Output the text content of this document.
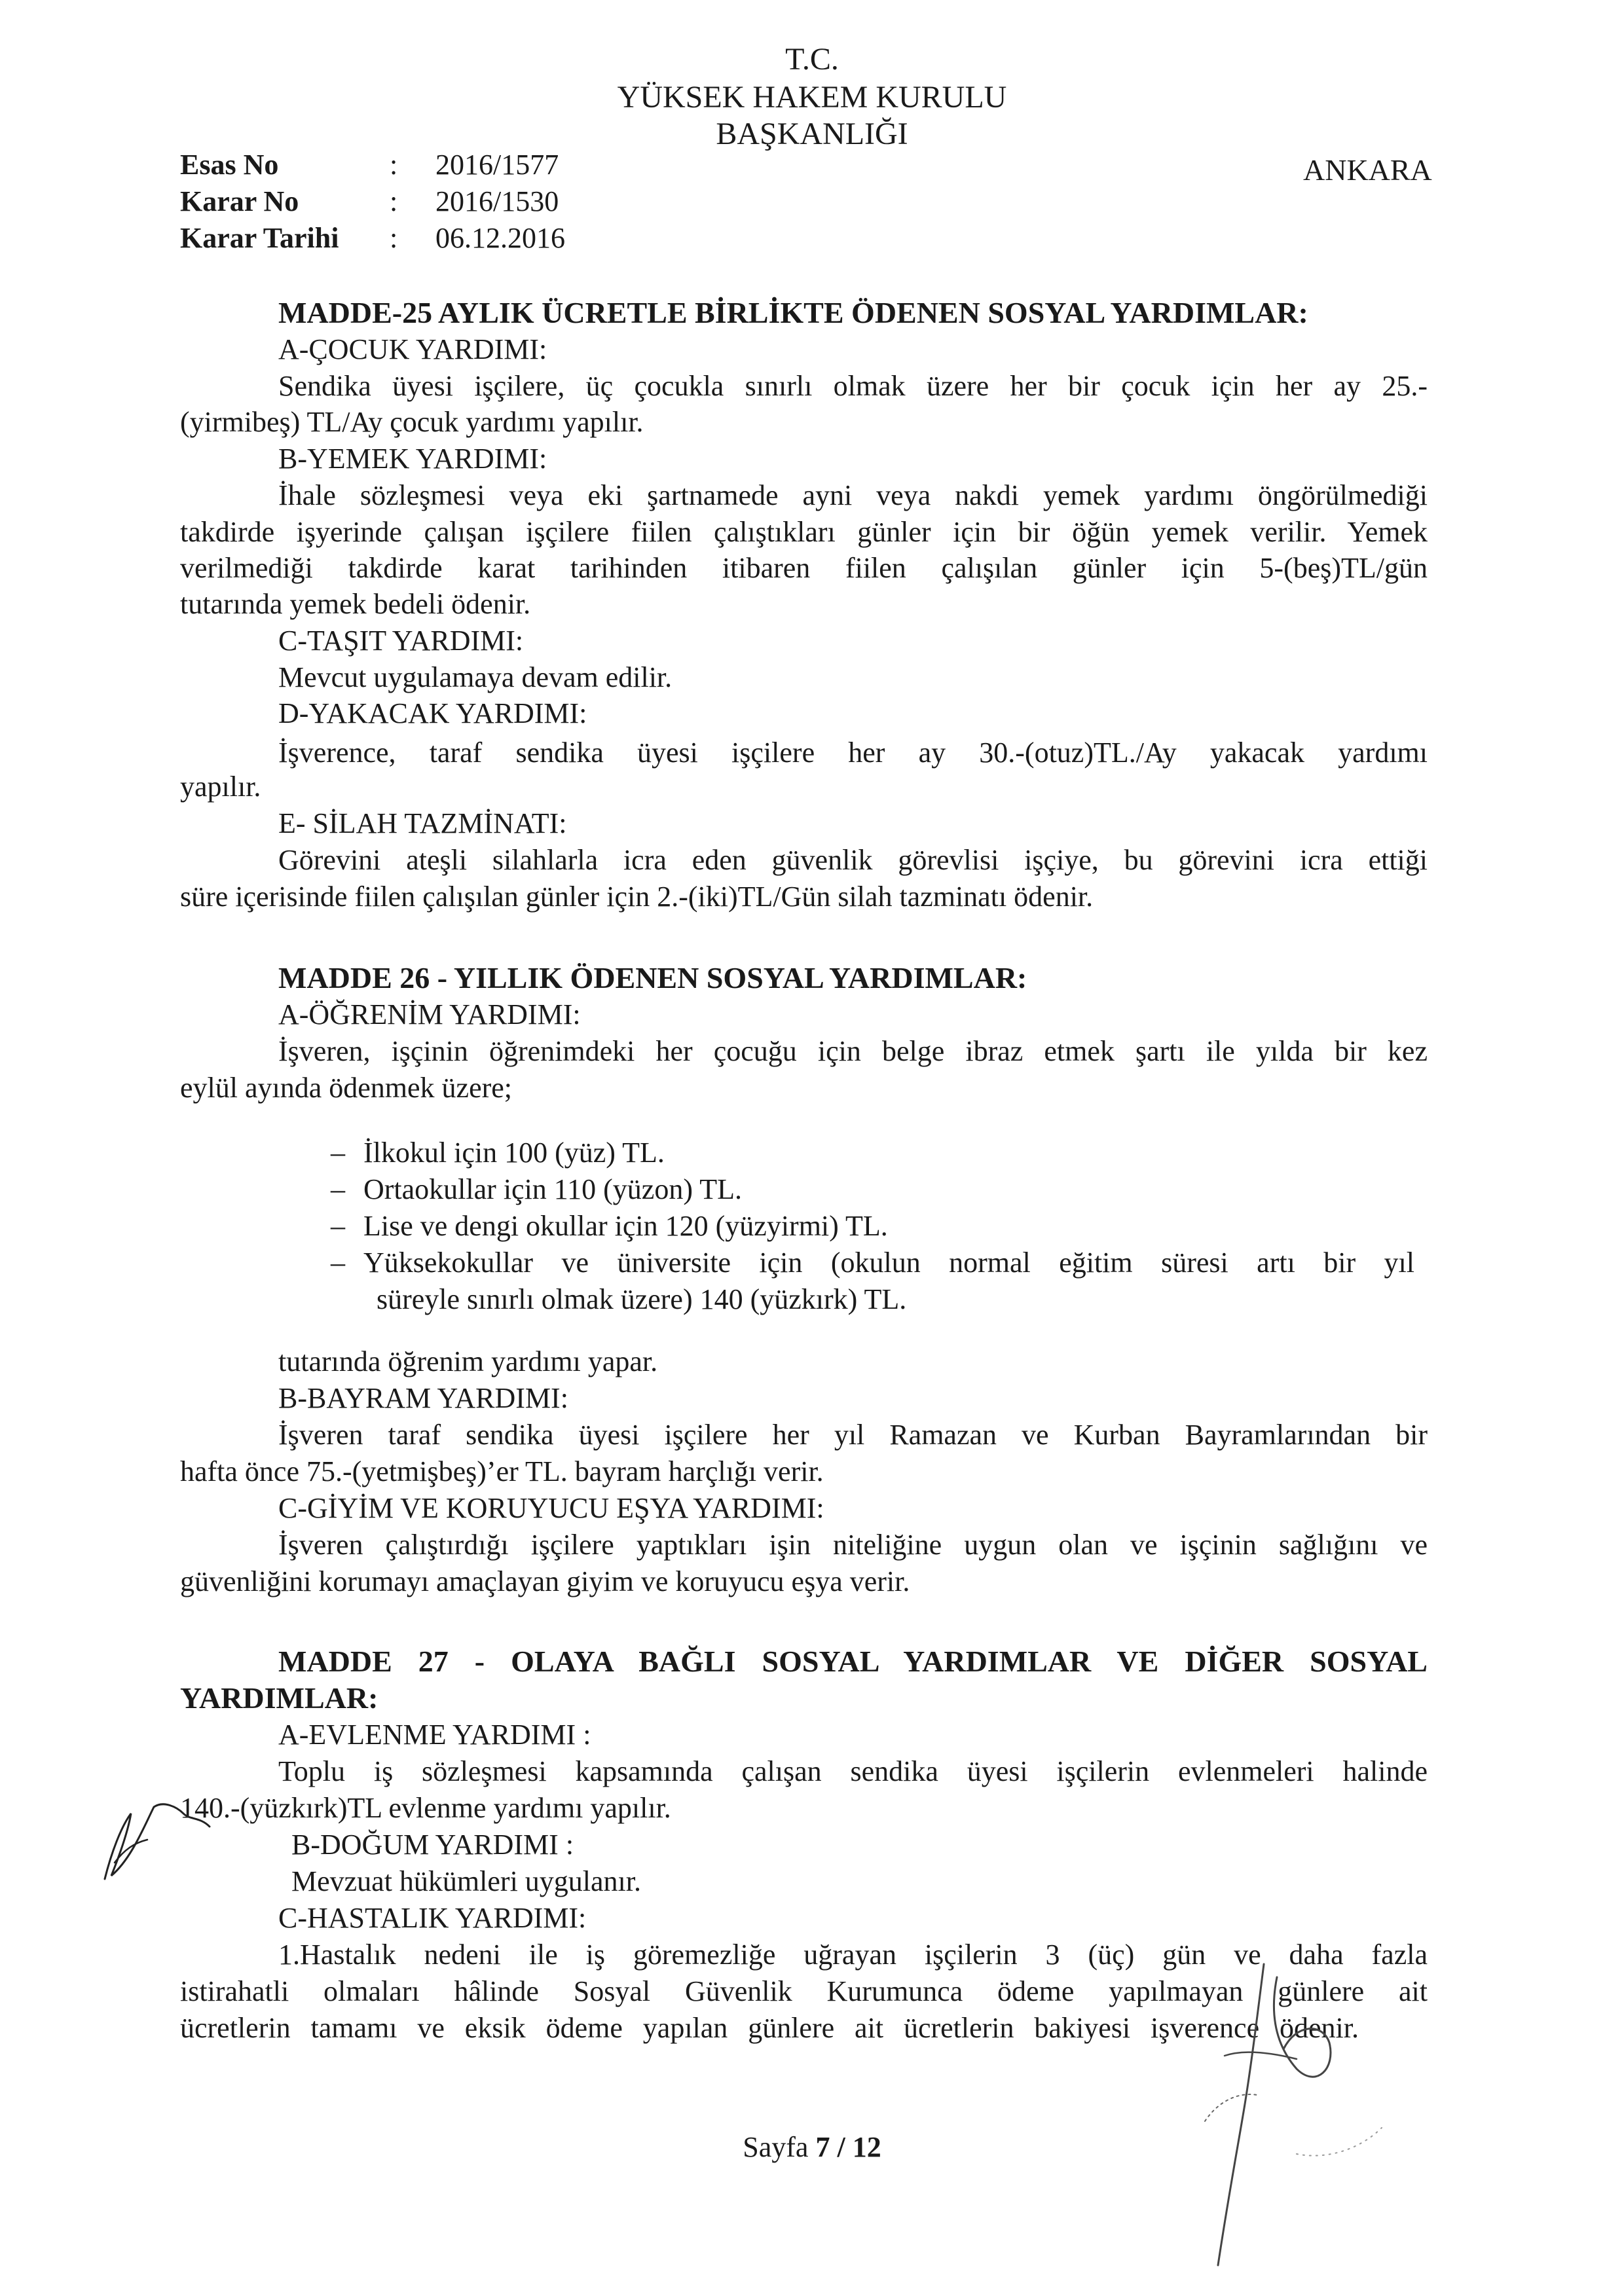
T.C.

YÜKSEK HAKEM KURULU

BAŞKANLIĞI

ANKARA

Esas No	: 2016/1577

Karar No	: 2016/1530

Karar Tarihi : 06.12.2016

MADDE-25 AYLIK ÜCRETLE BİRLİKTE ÖDENEN SOSYAL YARDIMLAR:

A-ÇOCUK YARDIMI:

Sendika üyesi işçilere, üç çocukla sınırlı olmak üzere her bir çocuk için her ay 25.-

(yirmibeş) TL/Ay çocuk yardımı yapılır.

B-YEMEK YARDIMI:

İhale sözleşmesi veya eki şartnamede ayni veya nakdi yemek yardımı öngörülmediği

takdirde işyerinde çalışan işçilere fiilen çalıştıkları günler için bir öğün yemek verilir. Yemek

verilmediği takdirde karat tarihinden itibaren fiilen çalışılan günler için 5-(beş)TL/gün

tutarında yemek bedeli ödenir.

C-TAŞIT YARDIMI:

Mevcut uygulamaya devam edilir.

D-YAKACAK YARDIMI:

İşverence, taraf sendika üyesi işçilere her ay 30.-(otuz)TL./Ay yakacak yardımı

yapılır.

E- SİLAH TAZMİNATI:

Görevini ateşli silahlarla icra eden güvenlik görevlisi işçiye, bu görevini icra ettiği

süre içerisinde fiilen çalışılan günler için 2.-(iki)TL/Gün silah tazminatı ödenir.

MADDE 26 - YILLIK ÖDENEN SOSYAL YARDIMLAR:

A-ÖĞRENİM YARDIMI:

İşveren, işçinin öğrenimdeki her çocuğu için belge ibraz etmek şartı ile yılda bir kez

eylül ayında ödenmek üzere;

– İlkokul için 100 (yüz) TL.

– Ortaokullar için 110 (yüzon) TL.

– Lise ve dengi okullar için 120 (yüzyirmi) TL.

– Yüksekokullar ve üniversite için (okulun normal eğitim süresi artı bir yıl

süreyle sınırlı olmak üzere) 140 (yüzkırk) TL.

tutarında öğrenim yardımı yapar.

B-BAYRAM YARDIMI:

İşveren taraf sendika üyesi işçilere her yıl Ramazan ve Kurban Bayramlarından bir

hafta önce 75.-(yetmişbeş)’er TL. bayram harçlığı verir.

C-GİYİM VE KORUYUCU EŞYA YARDIMI:

İşveren çalıştırdığı işçilere yaptıkları işin niteliğine uygun olan ve işçinin sağlığını ve

güvenliğini korumayı amaçlayan giyim ve koruyucu eşya verir.

MADDE 27 - OLAYA BAĞLI SOSYAL YARDIMLAR VE DİĞER SOSYAL

YARDIMLAR:

A-EVLENME YARDIMI :

Toplu iş sözleşmesi kapsamında çalışan sendika üyesi işçilerin evlenmeleri halinde

140.-(yüzkırk)TL evlenme yardımı yapılır.

B-DOĞUM YARDIMI :

Mevzuat hükümleri uygulanır.

C-HASTALIK YARDIMI:

1.Hastalık nedeni ile iş göremezliğe uğrayan işçilerin 3 (üç) gün ve daha fazla

istirahatli olmaları hâlinde Sosyal Güvenlik Kurumunca ödeme yapılmayan günlere ait

ücretlerin tamamı ve eksik ödeme yapılan günlere ait ücretlerin bakiyesi işverence ödenir.

Sayfa 7 / 12
